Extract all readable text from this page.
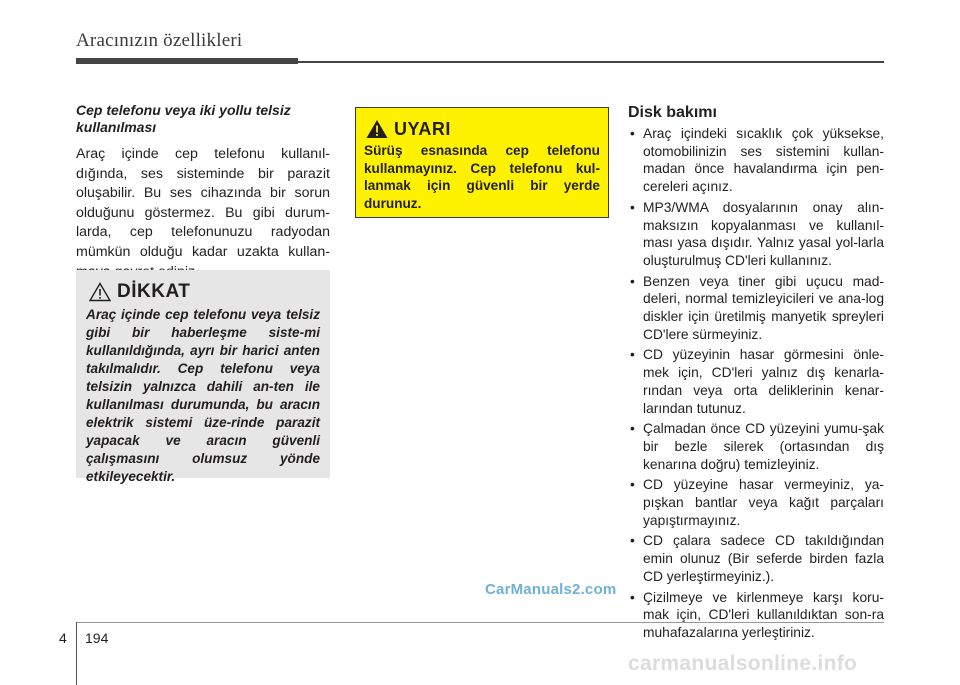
Aracınızın özellikleri

Cep telefonu veya iki yollu telsiz kullanılması

Araç içinde cep telefonu kullanıl-dığında, ses sisteminde bir parazit oluşabilir. Bu ses cihazında bir sorun olduğunu göstermez. Bu gibi durum-larda, cep telefonunuzu radyodan mümkün olduğu kadar uzakta kullan-

DİKKAT
Araç içinde cep telefonu veya telsiz gibi bir haberleşme siste-mi kullanıldığında, ayrı bir harici anten takılmalıdır. Cep telefonu veya telsizin yalnızca dahili an-ten ile kullanılması durumunda, bu aracın elektrik sistemi üze-rinde parazit yapacak ve aracın güvenli çalışmasını olumsuz yönde etkileyecektir.
UYARI
Sürüş esnasında cep telefonu kullanmayınız. Cep telefonu kul-lanmak için güvenli bir yerde durunuz.
Disk bakımı
• Araç içindeki sıcaklık çok yüksekse, otomobilinizin ses sistemini kullan-madan önce havalandırma için pen-cereleri açınız.
• MP3/WMA dosyalarının onay alın-maksızın kopyalanması ve kullanıl-ması yasa dışıdır. Yalnız yasal yol-larla oluşturulmuş CD'leri kullanınız.
• Benzen veya tiner gibi uçucu mad-deleri, normal temizleyicileri ve ana-log diskler için üretilmiş manyetik spreyleri CD'lere sürmeyiniz.
• CD yüzeyinin hasar görmesini önle-mek için, CD'leri yalnız dış kenarla-rından veya orta deliklerinin kenar-larından tutunuz.
• Çalmadan önce CD yüzeyini yumu-şak bir bezle silerek (ortasından dış kenarına doğru) temizleyiniz.
• CD yüzeyine hasar vermeyiniz, ya-pışkan bantlar veya kağıt parçaları yapıştırmayınız.
• CD çalara sadece CD takıldığından emin olunuz (Bir seferde birden fazla CD yerleştirmeyiniz.).
• Çizilmeye ve kirlenmeye karşı koru-mak için, CD'leri kullanıldıktan son-ra muhafazalarına yerleştiriniz.
CarManuals2.com
4 194
carmanualsonline.info
